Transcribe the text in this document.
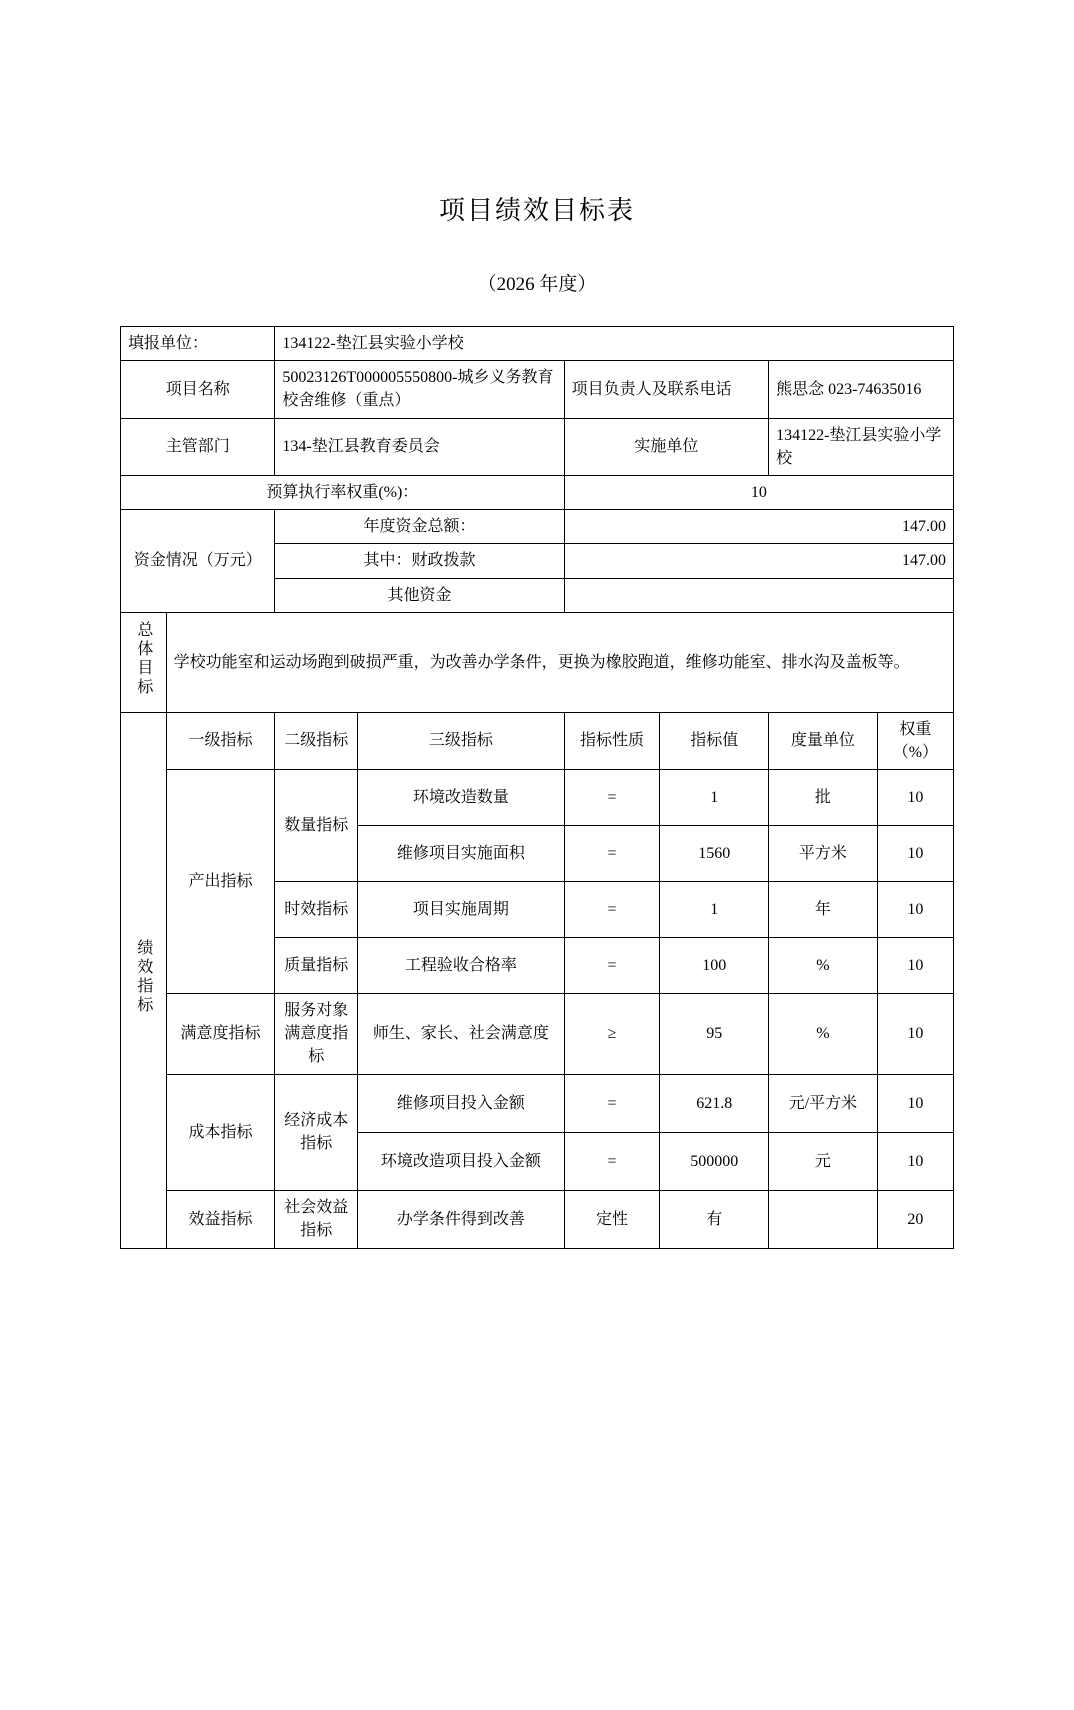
项目绩效目标表
（2026 年度）
填报单位：		134122-垫江县实验小学校					
项目名称		50023126T000005550800-城乡义务教育校舍维修（重点）		项目负责人及联系电话		熊思念 023-74635016	
主管部门		134-垫江县教育委员会		实施单位		134122-垫江县实验小学校	
预算执行率权重(%)：				10			
资金情况（万元）		年度资金总额：		147.00			
		其中：财政拨款		147.00			
		其他资金					
总体目标	学校功能室和运动场跑到破损严重，为改善办学条件，更换为橡胶跑道，维修功能室、排水沟及盖板等。						
绩效指标	一级指标	二级指标	三级指标	指标性质	指标值	度量单位	权重（%）
	产出指标	数量指标	环境改造数量	=	1	批	10
			维修项目实施面积	=	1560	平方米	10
		时效指标	项目实施周期	=	1	年	10
		质量指标	工程验收合格率	=	100	%	10
	满意度指标	服务对象满意度指标	师生、家长、社会满意度	≥	95	%	10
	成本指标	经济成本指标	维修项目投入金额	=	621.8	元/平方米	10
			环境改造项目投入金额	=	500000	元	10
	效益指标	社会效益指标	办学条件得到改善	定性	有		20
